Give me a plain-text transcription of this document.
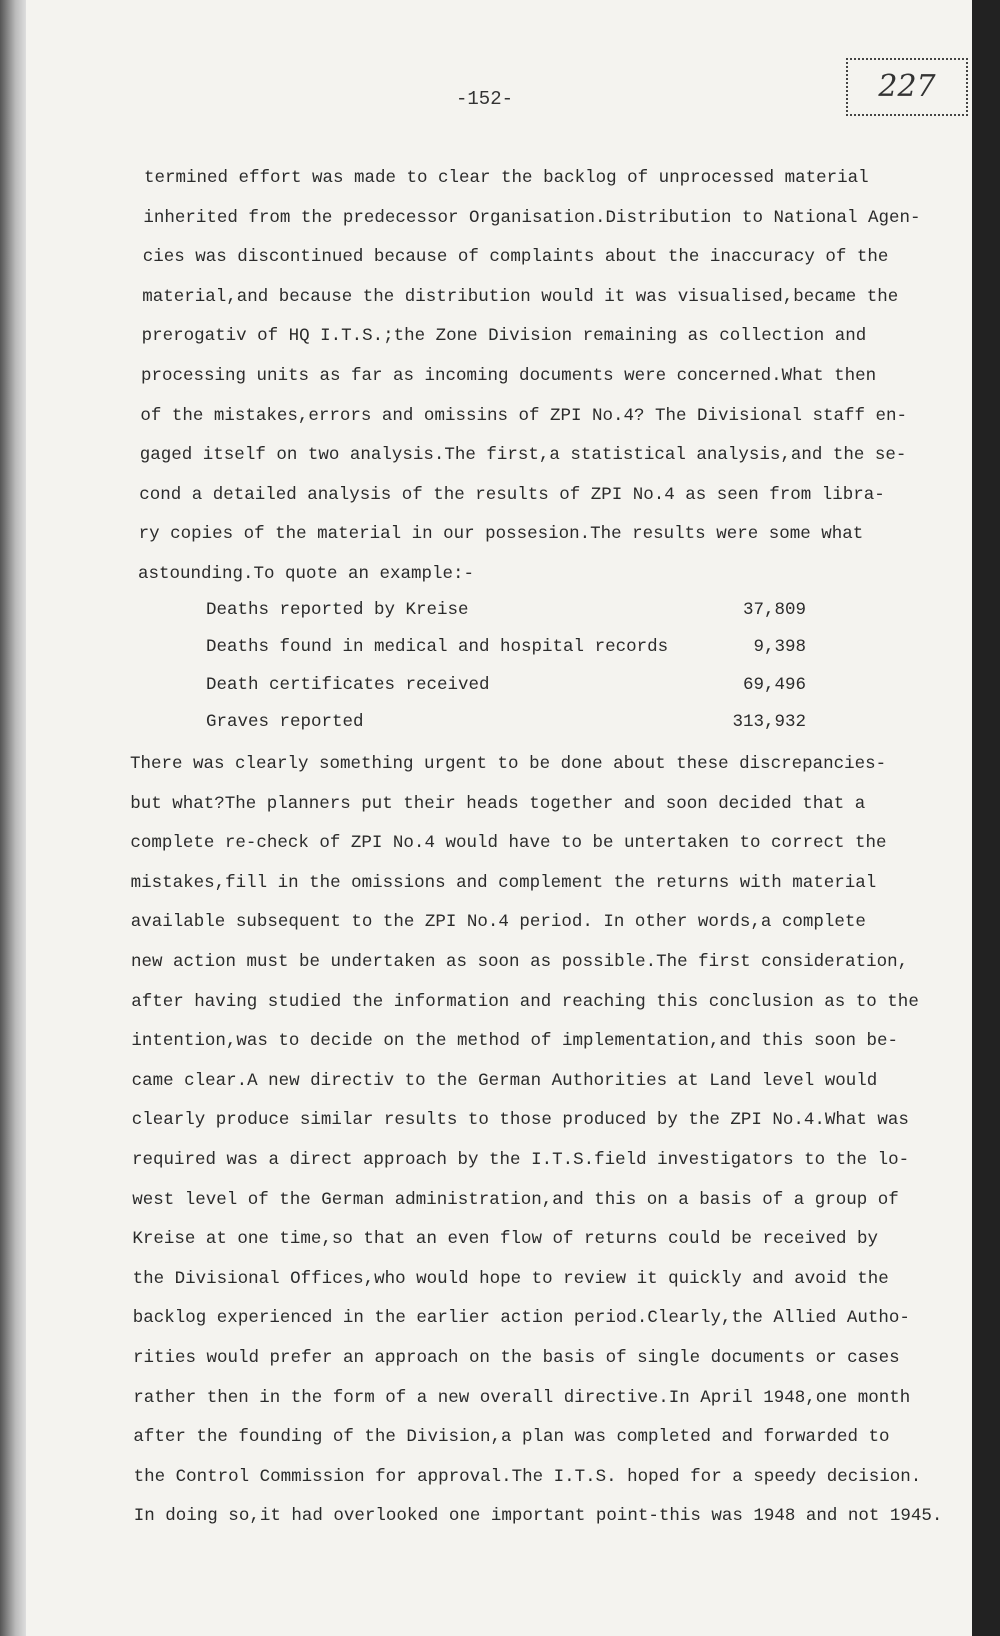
-152-	227
termined effort was made to clear the backlog of unprocessed material
inherited from the predecessor Organisation.Distribution to National Agen-
cies was discontinued because of complaints about the inaccuracy of the
material,and because the distribution would it was visualised,became the
prerogativ of HQ I.T.S.;the Zone Division remaining as collection and
processing units as far as incoming documents were concerned.What then
of the mistakes,errors and omissins of ZPI No.4? The Divisional staff en-
gaged itself on two analysis.The first,a statistical analysis,and the se-
cond a detailed analysis of the results of ZPI No.4 as seen from libra-
ry copies of the material in our possesion.The results were some what
astounding.To quote an example:-
Deaths reported by Kreise	37,809
Deaths found in medical and hospital records	9,398
Death certificates received	69,496
Graves reported	313,932
There was clearly something urgent to be done about these discrepancies-
but what?The planners put their heads together and soon decided that a
complete re-check of ZPI No.4 would have to be untertaken to correct the
mistakes,fill in the omissions and complement the returns with material
available subsequent to the ZPI No.4 period. In other words,a complete
new action must be undertaken as soon as possible.The first consideration,
after having studied the information and reaching this conclusion as to the
intention,was to decide on the method of implementation,and this soon be-
came clear.A new directiv to the German Authorities at Land level would
clearly produce similar results to those produced by the ZPI No.4.What was
required was a direct approach by the I.T.S.field investigators to the lo-
west level of the German administration,and this on a basis of a group of
Kreise at one time,so that an even flow of returns could be received by
the Divisional Offices,who would hope to review it quickly and avoid the
backlog experienced in the earlier action period.Clearly,the Allied Autho-
rities would prefer an approach on the basis of single documents or cases
rather then in the form of a new overall directive.In April 1948,one month
after the founding of the Division,a plan was completed and forwarded to
the Control Commission for approval.The I.T.S. hoped for a speedy decision.
In doing so,it had overlooked one important point-this was 1948 and not 1945.
